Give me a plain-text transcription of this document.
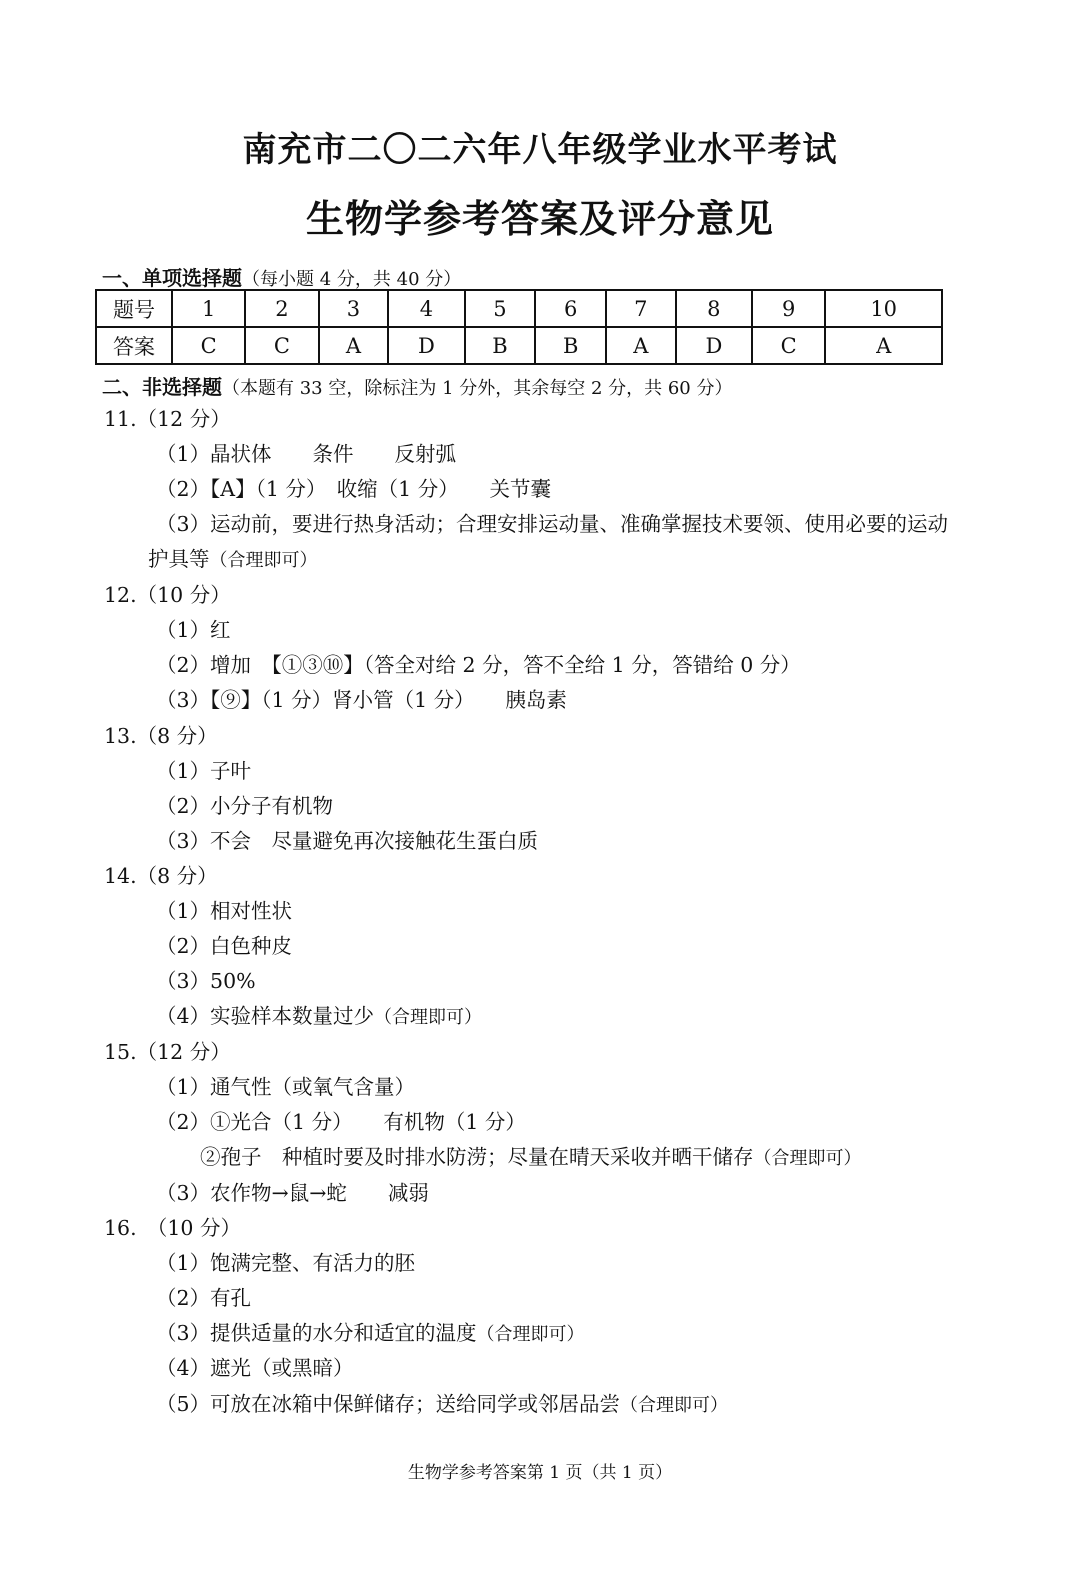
南充市二〇二六年八年级学业水平考试
生物学参考答案及评分意见
一、单项选择题（每小题 4 分，共 40 分）
题号	1	2	3	4	5	6	7	8	9	10
答案	C	C	A	D	B	B	A	D	C	A
二、非选择题（本题有 33 空，除标注为 1 分外，其余每空 2 分，共 60 分）
11.（12 分）
（1）晶状体　　条件　　反射弧
（2）【A】（1 分）　收缩（1 分）　　关节囊
（3）运动前，要进行热身活动；合理安排运动量、准确掌握技术要领、使用必要的运动
护具等（合理即可）
12.（10 分）
（1）红
（2）增加　【①③⑩】（答全对给 2 分，答不全给 1 分，答错给 0 分）
（3）【⑨】（1 分）肾小管（1 分）　　胰岛素
13.（8 分）
（1）子叶
（2）小分子有机物
（3）不会　尽量避免再次接触花生蛋白质
14.（8 分）
（1）相对性状
（2）白色种皮
（3）50%
（4）实验样本数量过少（合理即可）
15.（12 分）
（1）通气性（或氧气含量）
（2）①光合（1 分）　　有机物（1 分）
②孢子　种植时要及时排水防涝；尽量在晴天采收并晒干储存（合理即可）
（3）农作物→鼠→蛇　　减弱
16.　（10 分）
（1）饱满完整、有活力的胚
（2）有孔
（3）提供适量的水分和适宜的温度（合理即可）
（4）遮光（或黑暗）
（5）可放在冰箱中保鲜储存；送给同学或邻居品尝（合理即可）
生物学参考答案第 1 页（共 1 页）
